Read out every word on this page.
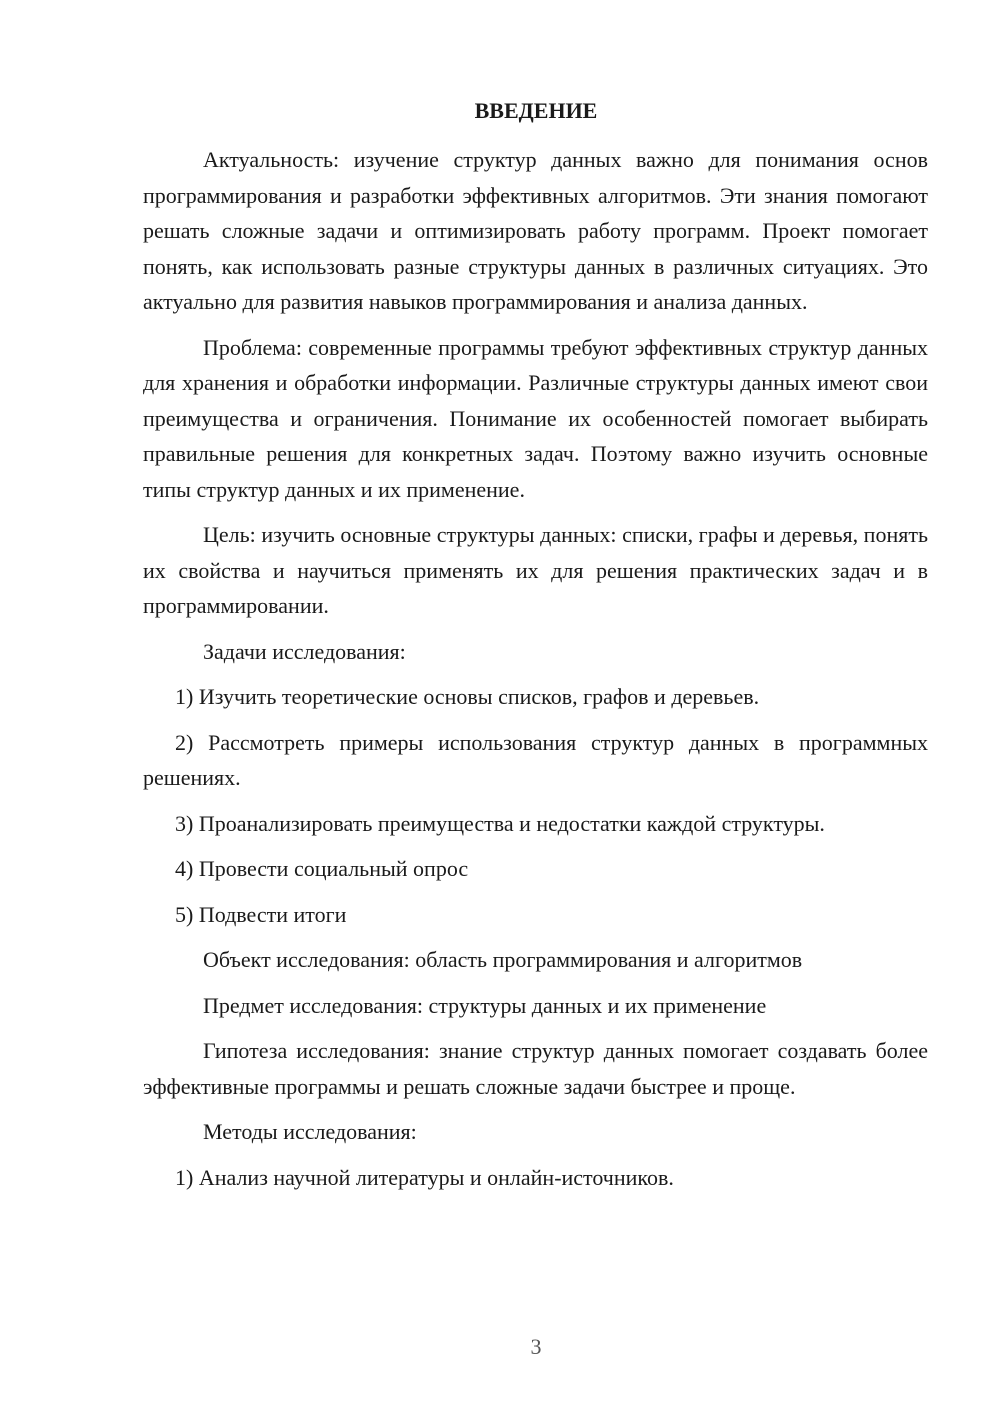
ВВЕДЕНИЕ

Актуальность: изучение структур данных важно для понимания основ программирования и разработки эффективных алгоритмов. Эти знания помогают решать сложные задачи и оптимизировать работу программ. Проект помогает понять, как использовать разные структуры данных в различных ситуациях. Это актуально для развития навыков программирования и анализа данных.

Проблема: современные программы требуют эффективных структур данных для хранения и обработки информации. Различные структуры данных имеют свои преимущества и ограничения. Понимание их особенностей помогает выбирать правильные решения для конкретных задач. Поэтому важно изучить основные типы структур данных и их применение.

Цель: изучить основные структуры данных: списки, графы и деревья, понять их свойства и научиться применять их для решения практических задач и в программировании.

Задачи исследования:

1) Изучить теоретические основы списков, графов и деревьев.

2) Рассмотреть примеры использования структур данных в программных решениях.

3) Проанализировать преимущества и недостатки каждой структуры.

4) Провести социальный опрос

5) Подвести итоги

Объект исследования: область программирования и алгоритмов

Предмет исследования: структуры данных и их применение

Гипотеза исследования: знание структур данных помогает создавать более эффективные программы и решать сложные задачи быстрее и проще.

Методы исследования:

1) Анализ научной литературы и онлайн-источников.

3
